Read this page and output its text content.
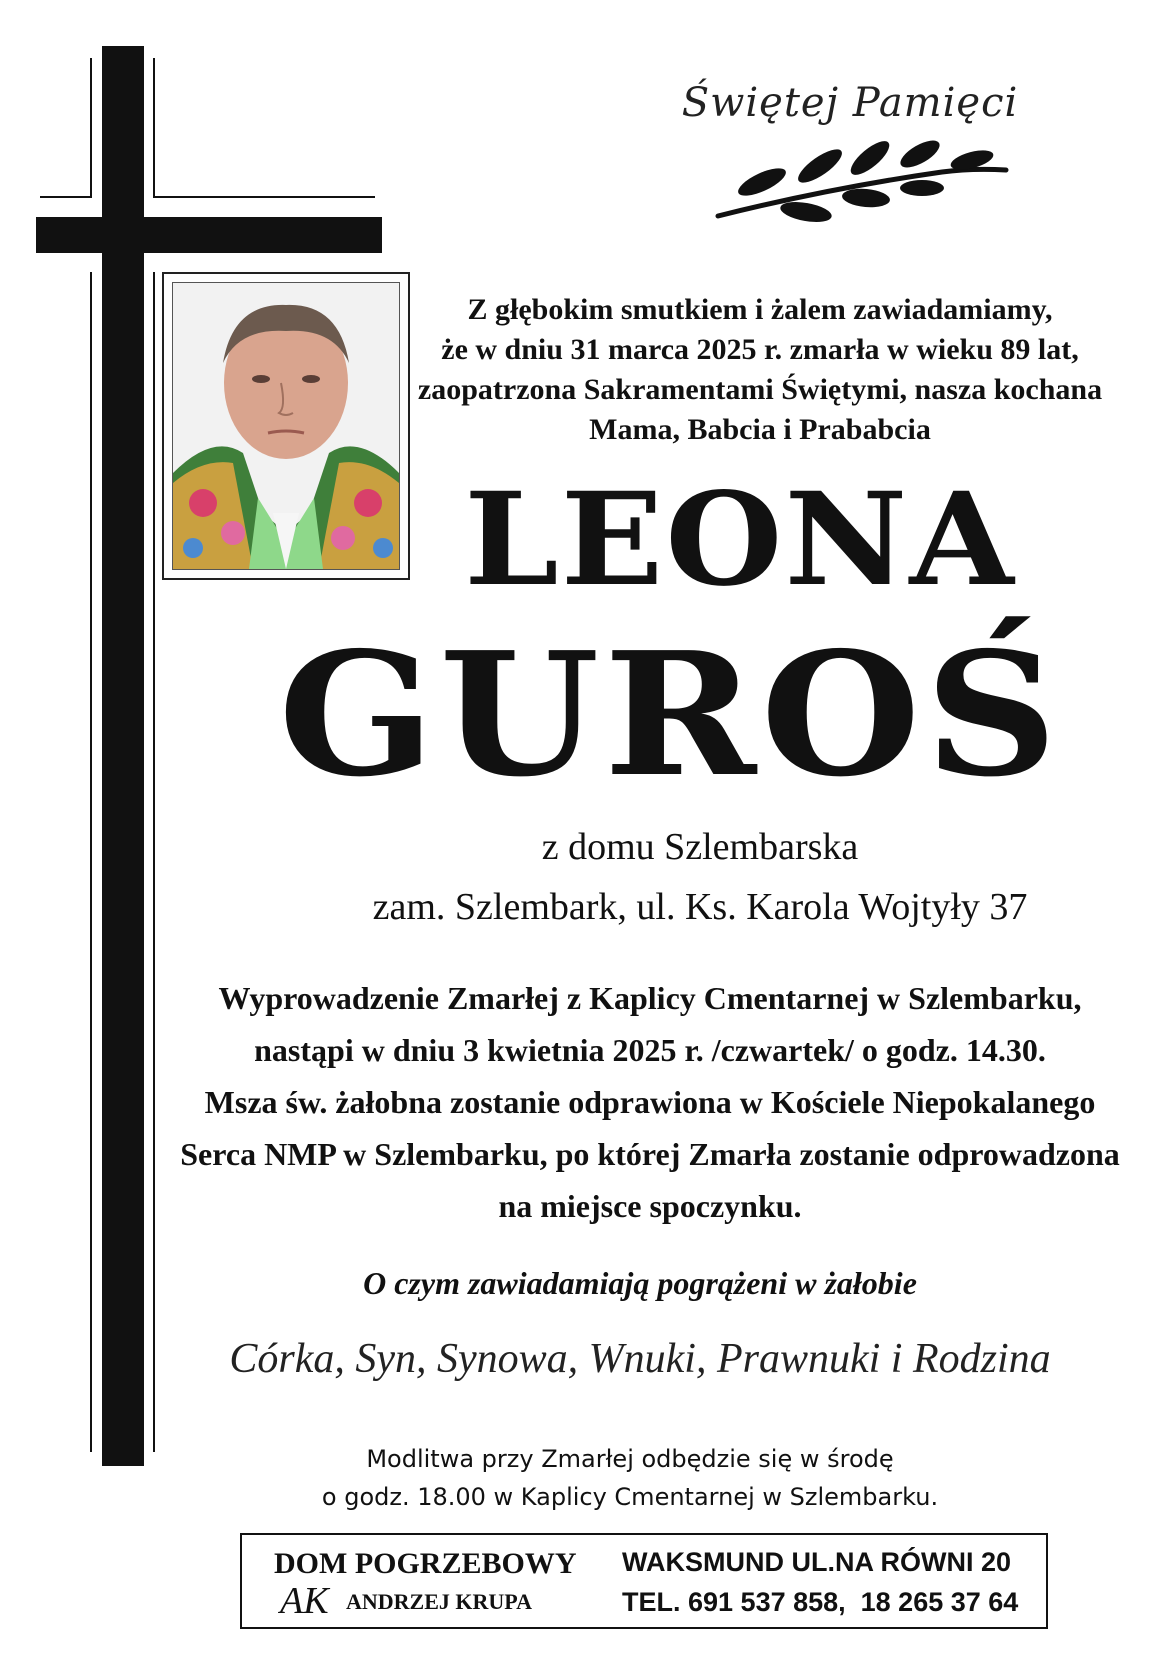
Świętej Pamięci
Z głębokim smutkiem i żalem zawiadamiamy,
że w dniu 31 marca 2025 r. zmarła w wieku 89 lat,
zaopatrzona Sakramentami Świętymi, nasza kochana
Mama, Babcia i Prababcia
LEONA
GUROŚ
z domu Szlembarska
zam. Szlembark, ul. Ks. Karola Wojtyły 37
Wyprowadzenie Zmarłej z Kaplicy Cmentarnej w Szlembarku,
nastąpi w dniu 3 kwietnia 2025 r. /czwartek/ o godz. 14.30.
Msza św. żałobna zostanie odprawiona w Kościele Niepokalanego
Serca NMP w Szlembarku, po której Zmarła zostanie odprowadzona
na miejsce spoczynku.
O czym zawiadamiają pogrążeni w żałobie
Córka, Syn, Synowa, Wnuki, Prawnuki i Rodzina
Modlitwa przy Zmarłej odbędzie się w środę
o godz. 18.00 w Kaplicy Cmentarnej w Szlembarku.
DOM POGRZEBOWY
AK ANDRZEJ KRUPA
WAKSMUND UL.NA RÓWNI 20
TEL. 691 537 858,  18 265 37 64
